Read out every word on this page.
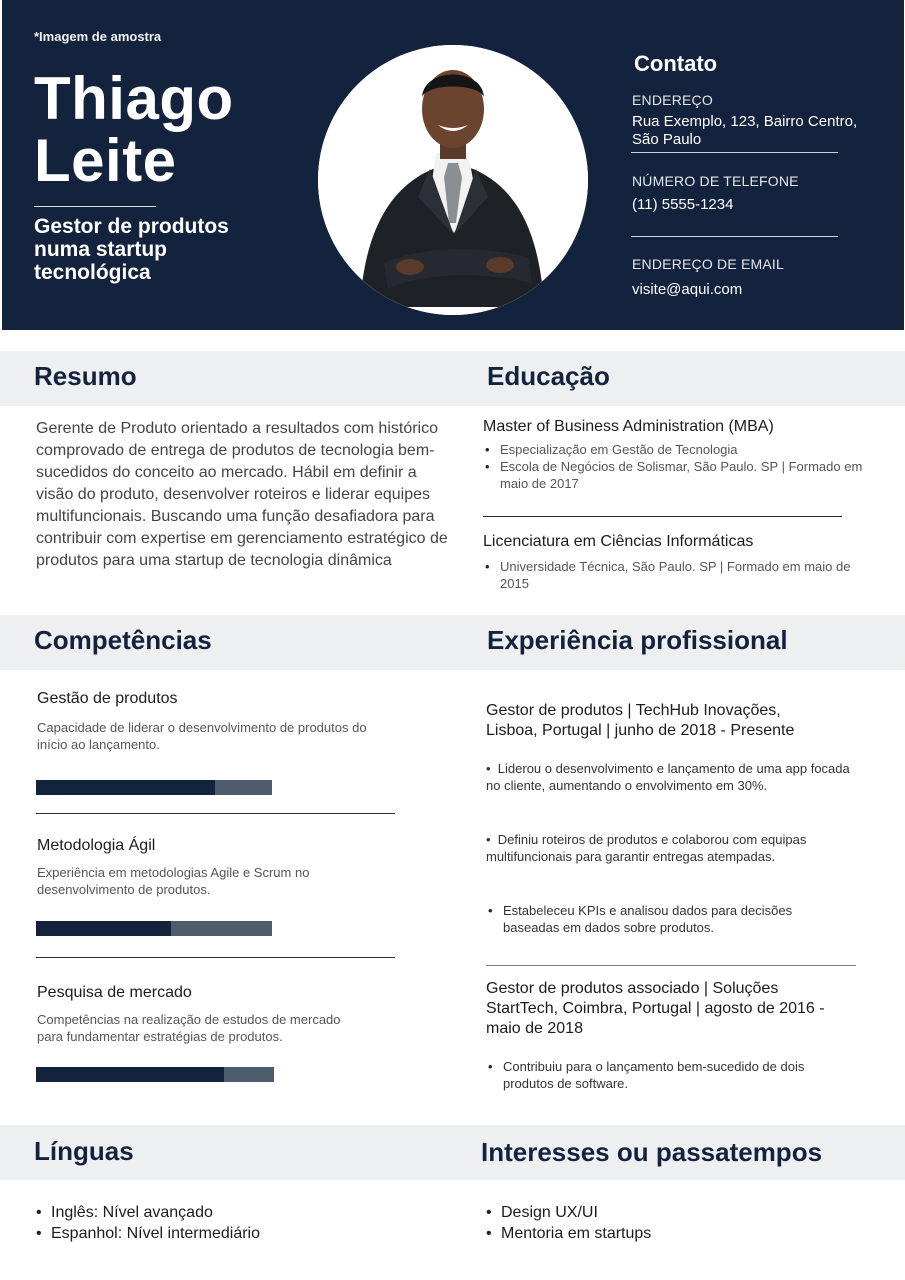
*Imagem de amostra
Thiago
Leite
Gestor de produtos numa startup tecnológica
Contato
ENDEREÇO
Rua Exemplo, 123, Bairro Centro, São Paulo
NÚMERO DE TELEFONE
(11) 5555-1234
ENDEREÇO DE EMAIL
visite@aqui.com
Resumo	Educação
Gerente de Produto orientado a resultados com histórico comprovado de entrega de produtos de tecnologia bem-sucedidos do conceito ao mercado. Hábil em definir a visão do produto, desenvolver roteiros e liderar equipes multifuncionais. Buscando uma função desafiadora para contribuir com expertise em gerenciamento estratégico de produtos para uma startup de tecnologia dinâmica
Master of Business Administration (MBA)
• Especialização em Gestão de Tecnologia
• Escola de Negócios de Solismar, São Paulo. SP | Formado em maio de 2017
Licenciatura em Ciências Informáticas
• Universidade Técnica, São Paulo. SP | Formado em maio de 2015
Competências	Experiência profissional
Gestão de produtos
Capacidade de liderar o desenvolvimento de produtos do início ao lançamento.
Metodologia Ágil
Experiência em metodologias Agile e Scrum no desenvolvimento de produtos.
Pesquisa de mercado
Competências na realização de estudos de mercado para fundamentar estratégias de produtos.
Gestor de produtos | TechHub Inovações, Lisboa, Portugal | junho de 2018 - Presente
•  Liderou o desenvolvimento e lançamento de uma app focada no cliente, aumentando o envolvimento em 30%.
•  Definiu roteiros de produtos e colaborou com equipas multifuncionais para garantir entregas atempadas.
• Estabeleceu KPIs e analisou dados para decisões baseadas em dados sobre produtos.
Gestor de produtos associado | Soluções StartTech, Coimbra, Portugal | agosto de 2016 - maio de 2018
• Contribuiu para o lançamento bem-sucedido de dois produtos de software.
Línguas	Interesses ou passatempos
• Inglês: Nível avançado
• Espanhol: Nível intermediário
• Design UX/UI
• Mentoria em startups
